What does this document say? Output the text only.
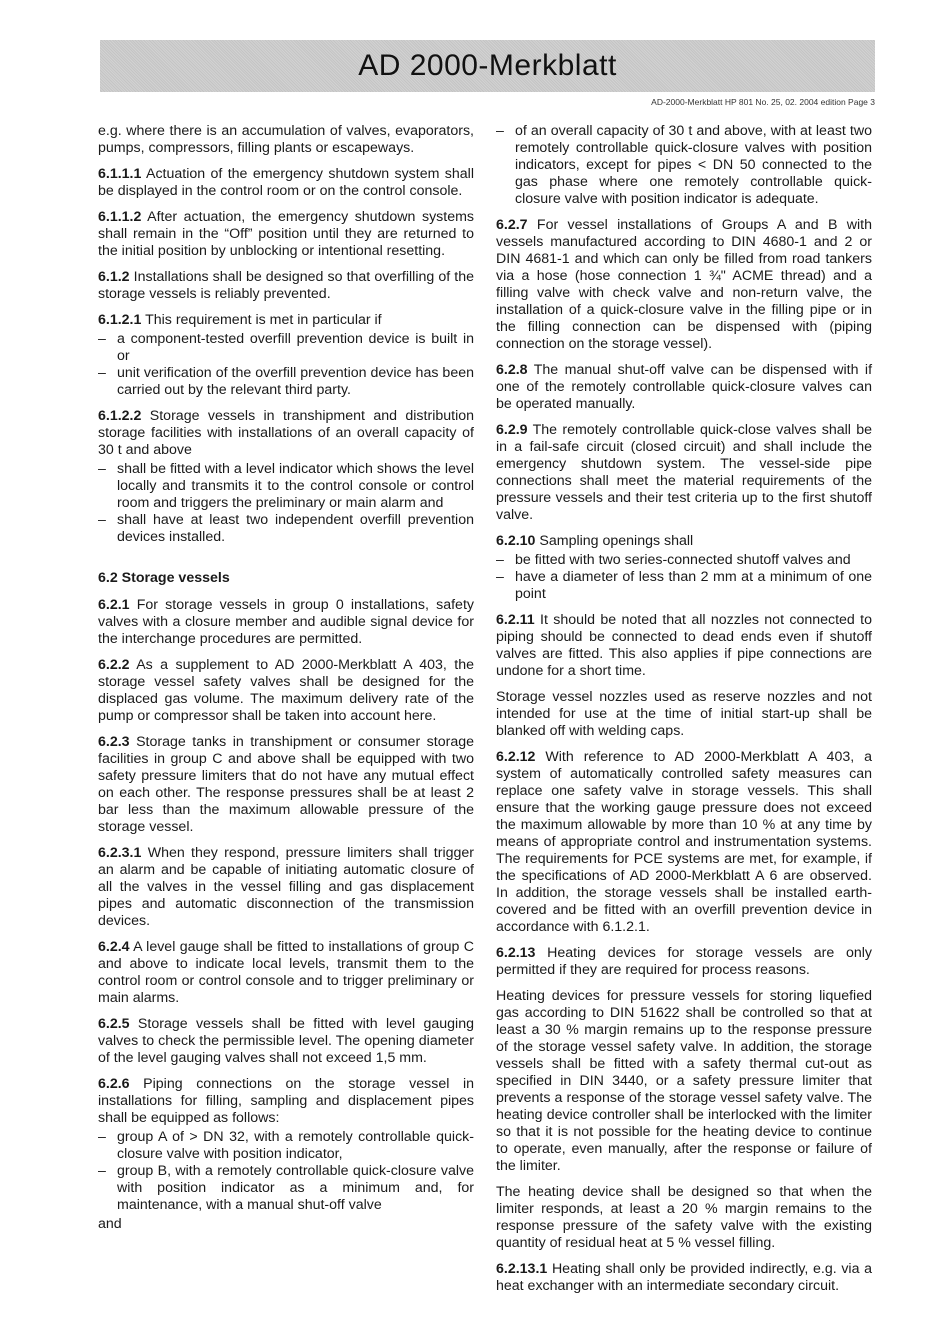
AD 2000-Merkblatt
AD-2000-Merkblatt HP 801 No. 25, 02. 2004 edition Page 3

e.g. where there is an accumulation of valves, evaporators, pumps, compressors, filling plants or escapeways.

6.1.1.1 Actuation of the emergency shutdown system shall be displayed in the control room or on the control console.

6.1.1.2 After actuation, the emergency shutdown systems shall remain in the “Off” position until they are returned to the initial position by unblocking or intentional resetting.

6.1.2 Installations shall be designed so that overfilling of the storage vessels is reliably prevented.

6.1.2.1 This requirement is met in particular if

– a component-tested overfill prevention device is built in or
– unit verification of the overfill prevention device has been carried out by the relevant third party.

6.1.2.2 Storage vessels in transhipment and distribution storage facilities with installations of an overall capacity of 30 t and above

– shall be fitted with a level indicator which shows the level locally and transmits it to the control console or control room and triggers the preliminary or main alarm and
– shall have at least two independent overfill prevention devices installed.
6.2 Storage vessels

6.2.1 For storage vessels in group 0 installations, safety valves with a closure member and audible signal device for the interchange procedures are permitted.

6.2.2 As a supplement to AD 2000-Merkblatt A 403, the storage vessel safety valves shall be designed for the displaced gas volume. The maximum delivery rate of the pump or compressor shall be taken into account here.

6.2.3 Storage tanks in transhipment or consumer storage facilities in group C and above shall be equipped with two safety pressure limiters that do not have any mutual effect on each other. The response pressures shall be at least 2 bar less than the maximum allowable pressure of the storage vessel.

6.2.3.1 When they respond, pressure limiters shall trigger an alarm and be capable of initiating automatic closure of all the valves in the vessel filling and gas displacement pipes and automatic disconnection of the transmission devices.

6.2.4 A level gauge shall be fitted to installations of group C and above to indicate local levels, transmit them to the control room or control console and to trigger preliminary or main alarms.

6.2.5 Storage vessels shall be fitted with level gauging valves to check the permissible level. The opening diameter of the level gauging valves shall not exceed 1,5 mm.

6.2.6 Piping connections on the storage vessel in installations for filling, sampling and displacement pipes shall be equipped as follows:

– group A of > DN 32, with a remotely controllable quick-closure valve with position indicator,
– group B, with a remotely controllable quick-closure valve with position indicator as a minimum and, for maintenance, with a manual shut-off valve

and

– of an overall capacity of 30 t and above, with at least two remotely controllable quick-closure valves with position indicators, except for pipes < DN 50 connected to the gas phase where one remotely controllable quick-closure valve with position indicator is adequate.

6.2.7 For vessel installations of Groups A and B with vessels manufactured according to DIN 4680-1 and 2 or DIN 4681-1 and which can only be filled from road tankers via a hose (hose connection 1 ¾" ACME thread) and a filling valve with check valve and non-return valve, the installation of a quick-closure valve in the filling pipe or in the filling connection can be dispensed with (piping connection on the storage vessel).

6.2.8 The manual shut-off valve can be dispensed with if one of the remotely controllable quick-closure valves can be operated manually.

6.2.9 The remotely controllable quick-close valves shall be in a fail-safe circuit (closed circuit) and shall include the emergency shutdown system. The vessel-side pipe connections shall meet the material requirements of the pressure vessels and their test criteria up to the first shutoff valve.

6.2.10 Sampling openings shall

– be fitted with two series-connected shutoff valves and
– have a diameter of less than 2 mm at a minimum of one point

6.2.11 It should be noted that all nozzles not connected to piping should be connected to dead ends even if shutoff valves are fitted. This also applies if pipe connections are undone for a short time.

Storage vessel nozzles used as reserve nozzles and not intended for use at the time of initial start-up shall be blanked off with welding caps.

6.2.12 With reference to AD 2000-Merkblatt A 403, a system of automatically controlled safety measures can replace one safety valve in storage vessels. This shall ensure that the working gauge pressure does not exceed the maximum allowable by more than 10 % at any time by means of appropriate control and instrumentation systems. The requirements for PCE systems are met, for example, if the specifications of AD 2000-Merkblatt A 6 are observed. In addition, the storage vessels shall be installed earth-covered and be fitted with an overfill prevention device in accordance with 6.1.2.1.

6.2.13 Heating devices for storage vessels are only permitted if they are required for process reasons.

Heating devices for pressure vessels for storing liquefied gas according to DIN 51622 shall be controlled so that at least a 30 % margin remains up to the response pressure of the storage vessel safety valve. In addition, the storage vessels shall be fitted with a safety thermal cut-out as specified in DIN 3440, or a safety pressure limiter that prevents a response of the storage vessel safety valve. The heating device controller shall be interlocked with the limiter so that it is not possible for the heating device to continue to operate, even manually, after the response or failure of the limiter.

The heating device shall be designed so that when the limiter responds, at least a 20 % margin remains to the response pressure of the safety valve with the existing quantity of residual heat at 5 % vessel filling.

6.2.13.1 Heating shall only be provided indirectly, e.g. via a heat exchanger with an intermediate secondary circuit.
